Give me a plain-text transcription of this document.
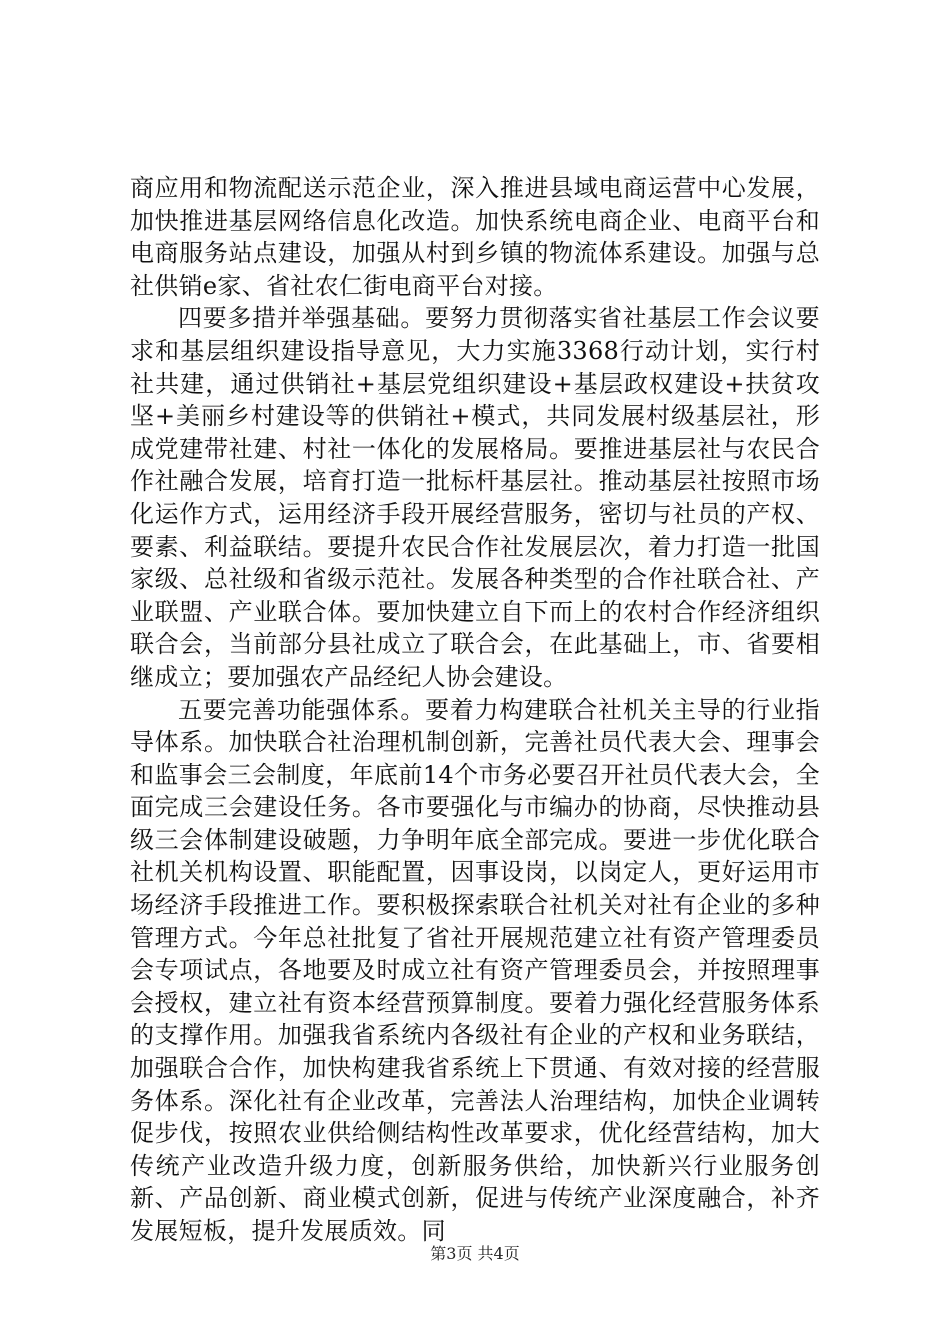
商应用和物流配送示范企业，深入推进县域电商运营中心发展，加快推进基层网络信息化改造。加快系统电商企业、电商平台和电商服务站点建设，加强从村到乡镇的物流体系建设。加强与总社供销e家、省社农仁街电商平台对接。

四要多措并举强基础。要努力贯彻落实省社基层工作会议要求和基层组织建设指导意见，大力实施3368行动计划，实行村社共建，通过供销社+基层党组织建设+基层政权建设+扶贫攻坚+美丽乡村建设等的供销社+模式，共同发展村级基层社，形成党建带社建、村社一体化的发展格局。要推进基层社与农民合作社融合发展，培育打造一批标杆基层社。推动基层社按照市场化运作方式，运用经济手段开展经营服务，密切与社员的产权、要素、利益联结。要提升农民合作社发展层次，着力打造一批国家级、总社级和省级示范社。发展各种类型的合作社联合社、产业联盟、产业联合体。要加快建立自下而上的农村合作经济组织联合会，当前部分县社成立了联合会，在此基础上，市、省要相继成立；要加强农产品经纪人协会建设。

五要完善功能强体系。要着力构建联合社机关主导的行业指导体系。加快联合社治理机制创新，完善社员代表大会、理事会和监事会三会制度，年底前14个市务必要召开社员代表大会，全面完成三会建设任务。各市要强化与市编办的协商，尽快推动县级三会体制建设破题，力争明年底全部完成。要进一步优化联合社机关机构设置、职能配置，因事设岗，以岗定人，更好运用市场经济手段推进工作。要积极探索联合社机关对社有企业的多种管理方式。今年总社批复了省社开展规范建立社有资产管理委员会专项试点，各地要及时成立社有资产管理委员会，并按照理事会授权，建立社有资本经营预算制度。要着力强化经营服务体系的支撑作用。加强我省系统内各级社有企业的产权和业务联结，加强联合合作，加快构建我省系统上下贯通、有效对接的经营服务体系。深化社有企业改革，完善法人治理结构，加快企业调转促步伐，按照农业供给侧结构性改革要求，优化经营结构，加大传统产业改造升级力度，创新服务供给，加快新兴行业服务创新、产品创新、商业模式创新，促进与传统产业深度融合，补齐发展短板，提升发展质效。同

第3页 共4页
